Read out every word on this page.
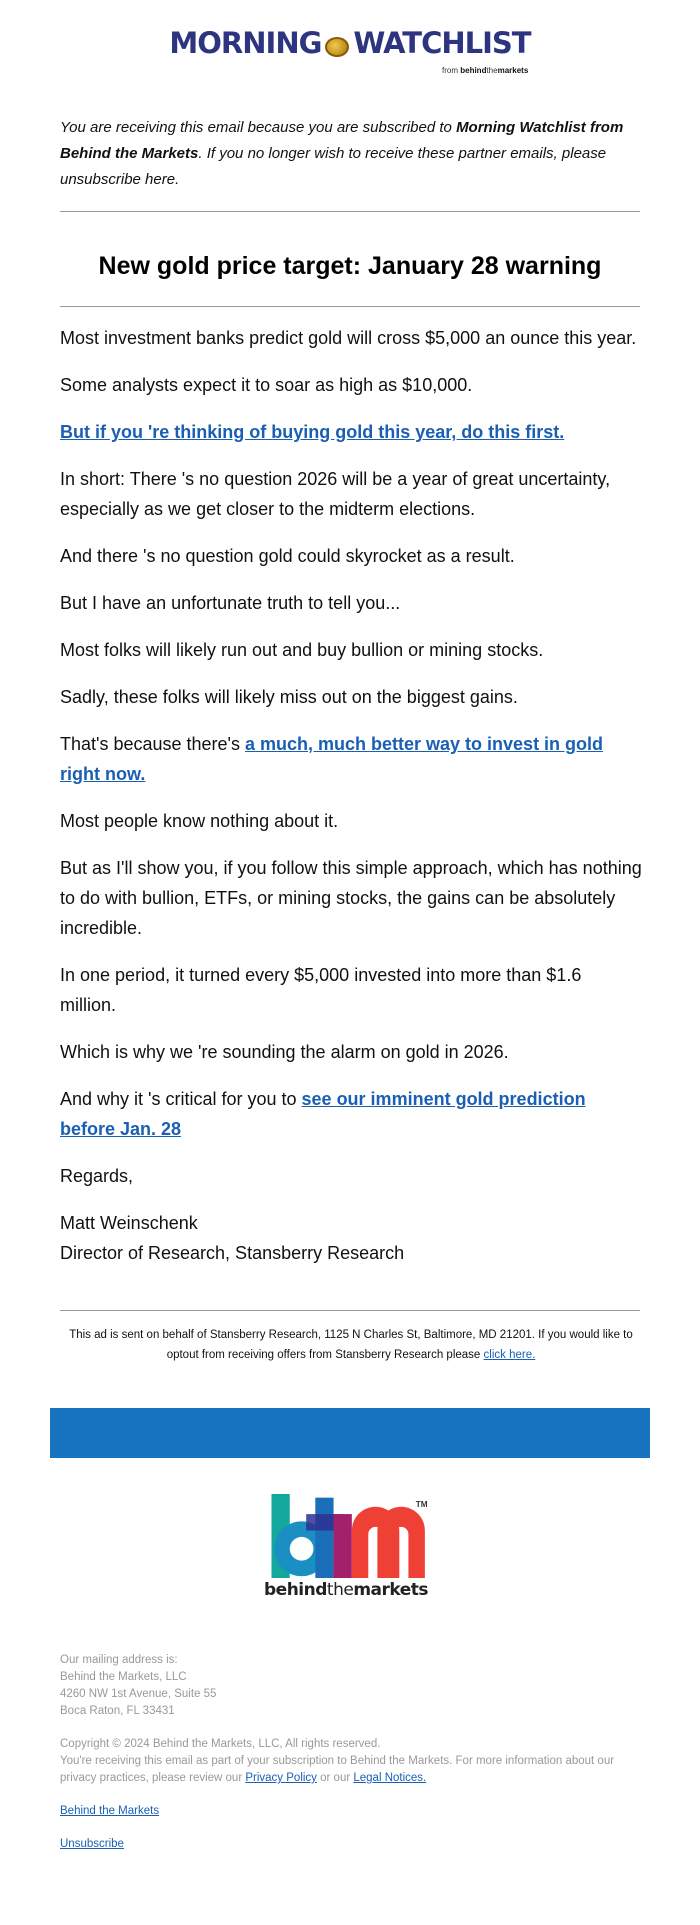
MORNING WATCHLIST
from behindthemarkets
You are receiving this email because you are subscribed to Morning Watchlist from Behind the Markets. If you no longer wish to receive these partner emails, please unsubscribe here.
New gold price target: January 28 warning

Most investment banks predict gold will cross $5,000 an ounce this year.

Some analysts expect it to soar as high as $10,000.

But if you 're thinking of buying gold this year, do this first.

In short: There 's no question 2026 will be a year of great uncertainty, especially as we get closer to the midterm elections.

And there 's no question gold could skyrocket as a result.

But I have an unfortunate truth to tell you...

Most folks will likely run out and buy bullion or mining stocks.

Sadly, these folks will likely miss out on the biggest gains.

That's because there's a much, much better way to invest in gold right now.

Most people know nothing about it.

But as I'll show you, if you follow this simple approach, which has nothing to do with bullion, ETFs, or mining stocks, the gains can be absolutely incredible.

In one period, it turned every $5,000 invested into more than $1.6 million.

Which is why we 're sounding the alarm on gold in 2026.

And why it 's critical for you to see our imminent gold prediction before Jan. 28

Regards,

Matt Weinschenk
Director of Research, Stansberry Research
This ad is sent on behalf of Stansberry Research, 1125 N Charles St, Baltimore, MD 21201. If you would like to optout from receiving offers from Stansberry Research please click here.
TM
behindthemarkets
Our mailing address is:
Behind the Markets, LLC
4260 NW 1st Avenue, Suite 55
Boca Raton, FL 33431
Copyright © 2024 Behind the Markets, LLC, All rights reserved.
You're receiving this email as part of your subscription to Behind the Markets. For more information about our privacy practices, please review our Privacy Policy or our Legal Notices.
Behind the Markets
Unsubscribe
